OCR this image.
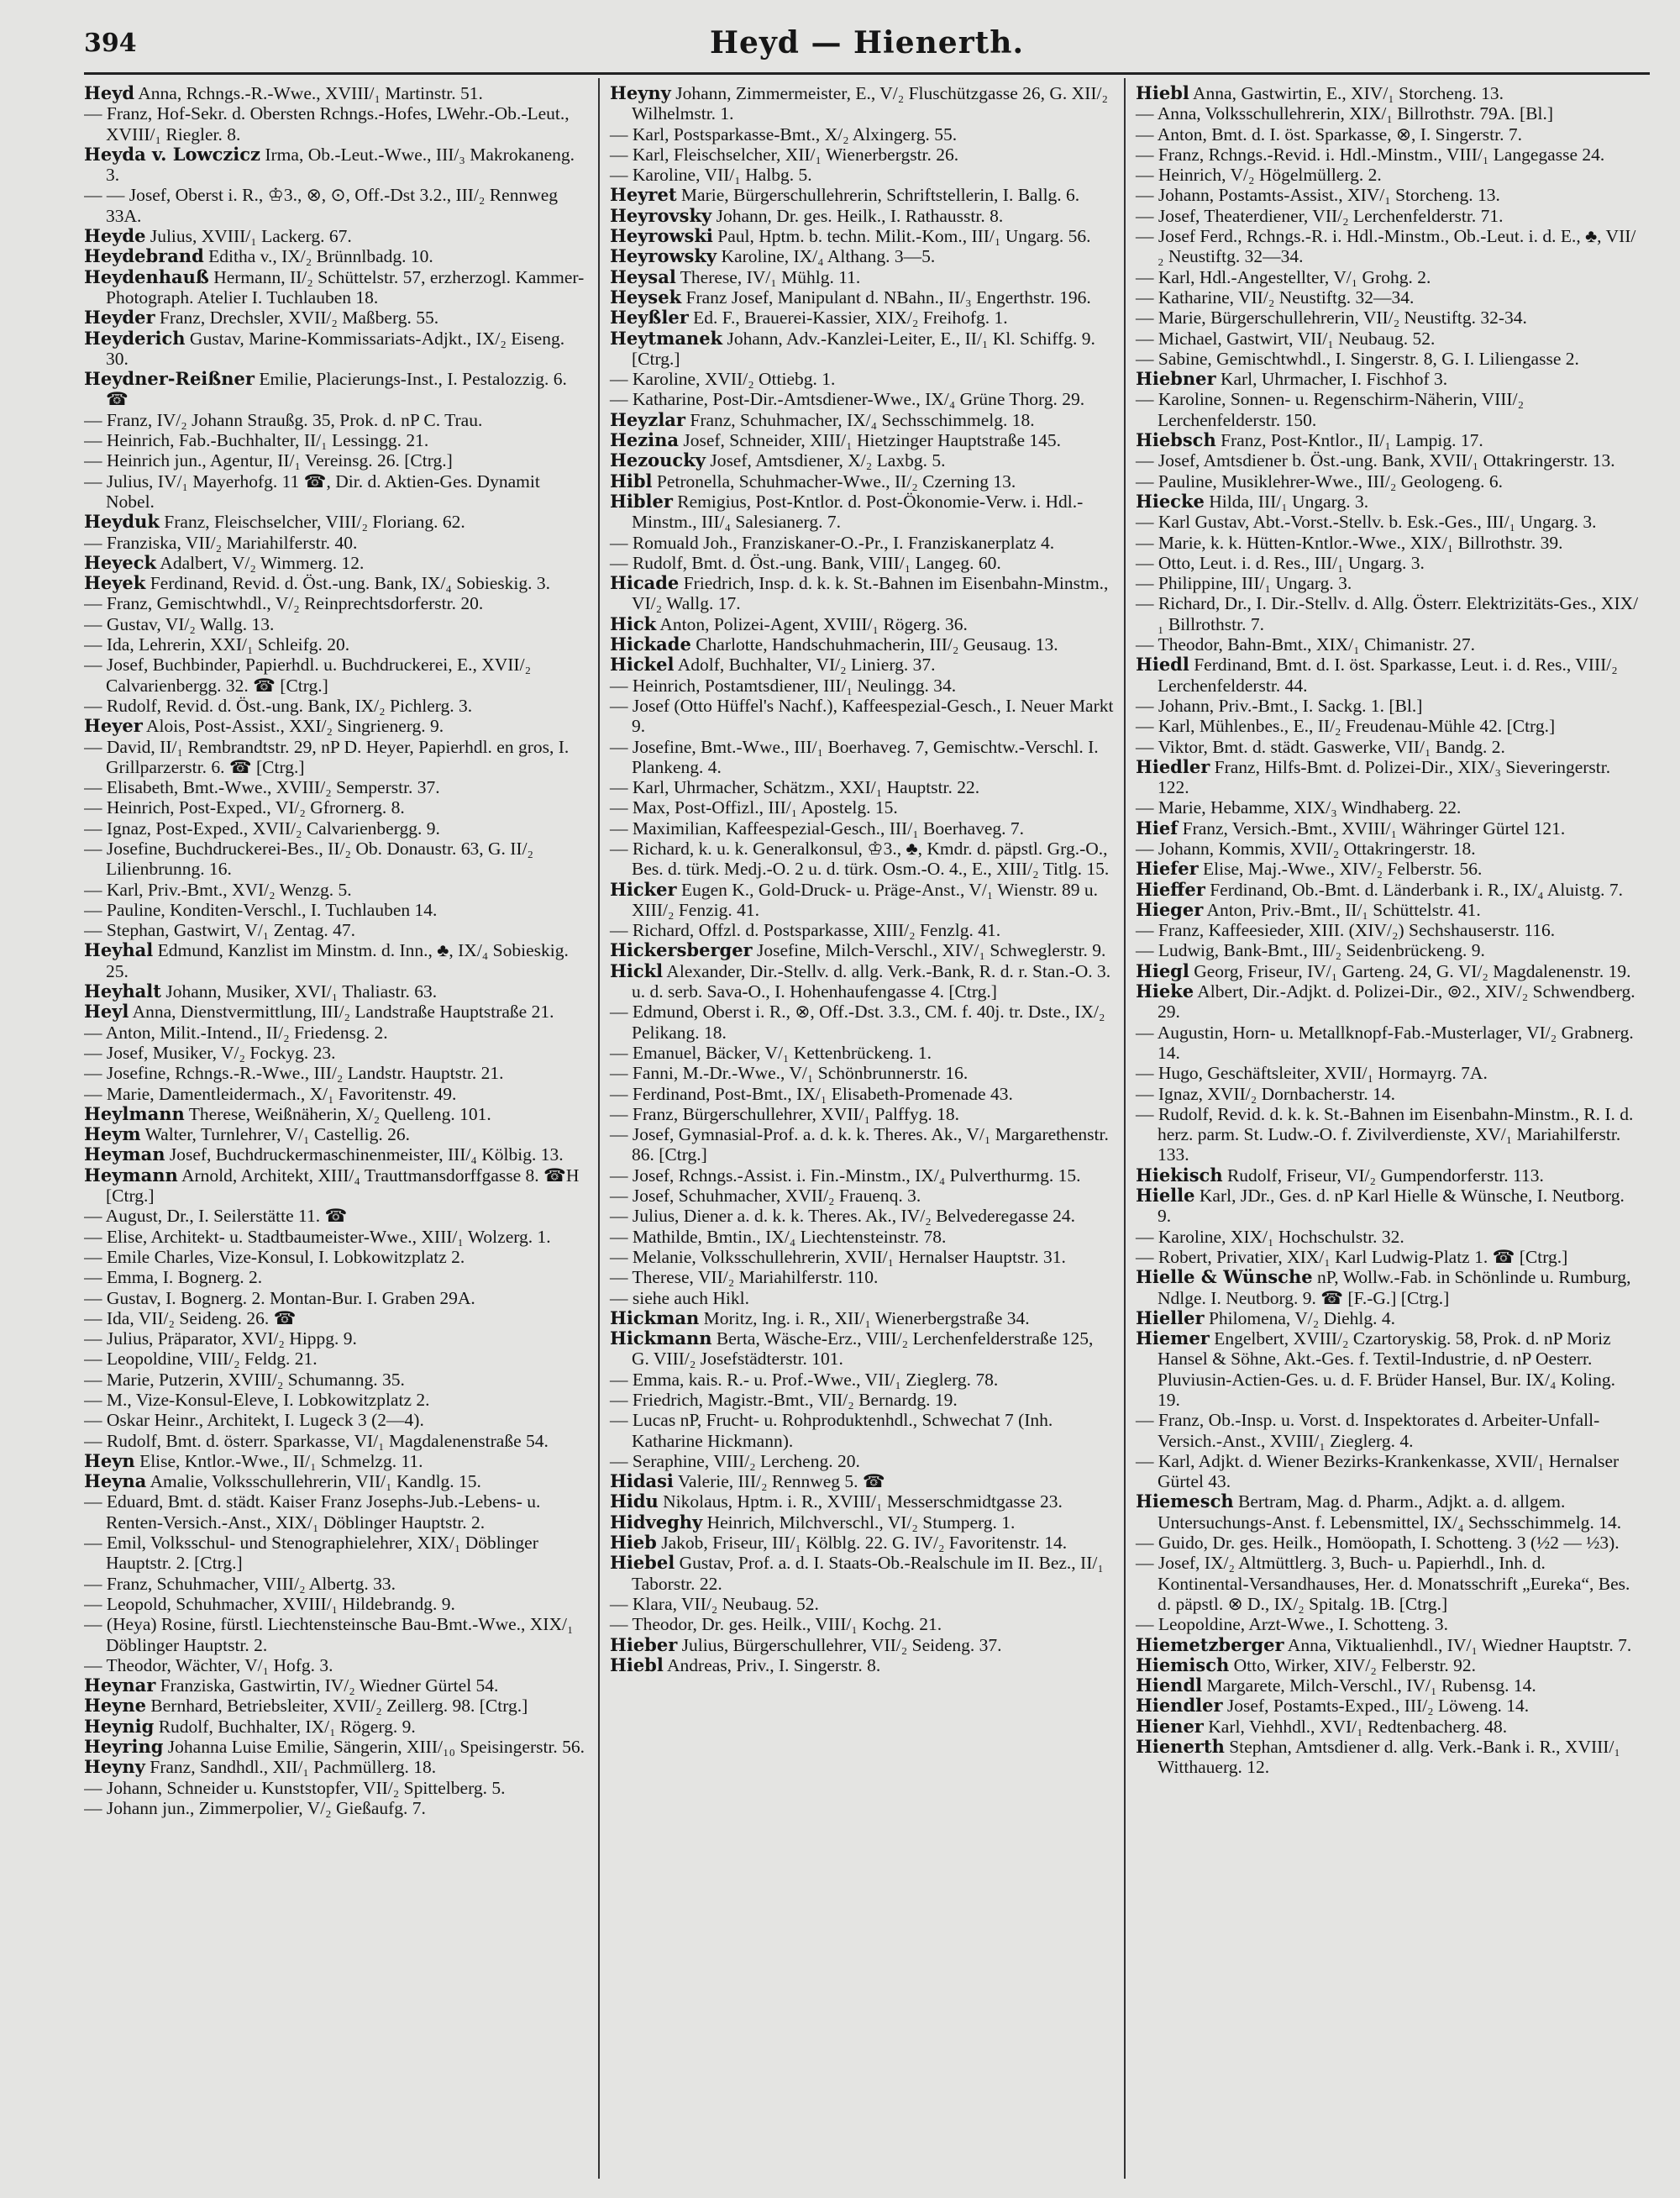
394	Heyd — Hienerth.

Heyd Anna, Rchngs.-R.-Wwe., XVIII/₁ Martinstr. 51.

— Franz, Hof-Sekr. d. Obersten Rchngs.-Hofes, LWehr.-Ob.-Leut., XVIII/₁ Riegler. 8.

Heyda v. Lowczicz Irma, Ob.-Leut.-Wwe., III/₃ Makrokaneng. 3.

— — Josef, Oberst i. R., ♔3., ⊗, ⊙, Off.-Dst 3.2., III/₂ Rennweg 33A.

Heyde Julius, XVIII/₁ Lackerg. 67.

Heydebrand Editha v., IX/₂ Brünnlbadg. 10.

Heydenhauß Hermann, II/₂ Schüttelstr. 57, erzherzogl. Kammer-Photograph. Atelier I. Tuchlauben 18.

Heyder Franz, Drechsler, XVII/₂ Maßberg. 55.

Heyderich Gustav, Marine-Kommissariats-Adjkt., IX/₂ Eiseng. 30.

Heydner-Reißner Emilie, Placierungs-Inst., I. Pestalozzig. 6. ☎

— Franz, IV/₂ Johann Straußg. 35, Prok. d. nP C. Trau.

— Heinrich, Fab.-Buchhalter, II/₁ Lessingg. 21.

— Heinrich jun., Agentur, II/₁ Vereinsg. 26. [Ctrg.]

— Julius, IV/₁ Mayerhofg. 11 ☎, Dir. d. Aktien-Ges. Dynamit Nobel.

Heyduk Franz, Fleischselcher, VIII/₂ Floriang. 62.

— Franziska, VII/₂ Mariahilferstr. 40.

Heyeck Adalbert, V/₂ Wimmerg. 12.

Heyek Ferdinand, Revid. d. Öst.-ung. Bank, IX/₄ Sobieskig. 3.

— Franz, Gemischtwhdl., V/₂ Reinprechtsdorferstr. 20.

— Gustav, VI/₂ Wallg. 13.

— Ida, Lehrerin, XXI/₁ Schleifg. 20.

— Josef, Buchbinder, Papierhdl. u. Buchdruckerei, E., XVII/₂ Calvarienbergg. 32. ☎ [Ctrg.]

— Rudolf, Revid. d. Öst.-ung. Bank, IX/₂ Pichlerg. 3.

Heyer Alois, Post-Assist., XXI/₂ Singrienerg. 9.

— David, II/₁ Rembrandtstr. 29, nP D. Heyer, Papierhdl. en gros, I. Grillparzerstr. 6. ☎ [Ctrg.]

— Elisabeth, Bmt.-Wwe., XVIII/₂ Semperstr. 37.

— Heinrich, Post-Exped., VI/₂ Gfrornerg. 8.

— Ignaz, Post-Exped., XVII/₂ Calvarienbergg. 9.

— Josefine, Buchdruckerei-Bes., II/₂ Ob. Donaustr. 63, G. II/₂ Lilienbrunng. 16.

— Karl, Priv.-Bmt., XVI/₂ Wenzg. 5.

— Pauline, Konditen-Verschl., I. Tuchlauben 14.

— Stephan, Gastwirt, V/₁ Zentag. 47.

Heyhal Edmund, Kanzlist im Minstm. d. Inn., ♣, IX/₄ Sobieskig. 25.

Heyhalt Johann, Musiker, XVI/₁ Thaliastr. 63.

Heyl Anna, Dienstvermittlung, III/₂ Landstraße Hauptstraße 21.

— Anton, Milit.-Intend., II/₂ Friedensg. 2.

— Josef, Musiker, V/₂ Fockyg. 23.

— Josefine, Rchngs.-R.-Wwe., III/₂ Landstr. Hauptstr. 21.

— Marie, Damentleidermach., X/₁ Favoritenstr. 49.

Heylmann Therese, Weißnäherin, X/₂ Quelleng. 101.

Heym Walter, Turnlehrer, V/₁ Castellig. 26.

Heyman Josef, Buchdruckermaschinenmeister, III/₄ Kölbig. 13.

Heymann Arnold, Architekt, XIII/₄ Trauttmansdorffgasse 8. ☎H [Ctrg.]

— August, Dr., I. Seilerstätte 11. ☎

— Elise, Architekt- u. Stadtbaumeister-Wwe., XIII/₁ Wolzerg. 1.

— Emile Charles, Vize-Konsul, I. Lobkowitzplatz 2.

— Emma, I. Bognerg. 2.

— Gustav, I. Bognerg. 2. Montan-Bur. I. Graben 29A.

— Ida, VII/₂ Seideng. 26. ☎

— Julius, Präparator, XVI/₂ Hippg. 9.

— Leopoldine, VIII/₂ Feldg. 21.

— Marie, Putzerin, XVIII/₂ Schumanng. 35.

— M., Vize-Konsul-Eleve, I. Lobkowitzplatz 2.

— Oskar Heinr., Architekt, I. Lugeck 3 (2—4).

— Rudolf, Bmt. d. österr. Sparkasse, VI/₁ Magdalenenstraße 54.

Heyn Elise, Kntlor.-Wwe., II/₁ Schmelzg. 11.

Heyna Amalie, Volksschullehrerin, VII/₁ Kandlg. 15.

— Eduard, Bmt. d. städt. Kaiser Franz Josephs-Jub.-Lebens- u. Renten-Versich.-Anst., XIX/₁ Döblinger Hauptstr. 2.

— Emil, Volksschul- und Stenographielehrer, XIX/₁ Döblinger Hauptstr. 2. [Ctrg.]

— Franz, Schuhmacher, VIII/₂ Albertg. 33.

— Leopold, Schuhmacher, XVIII/₁ Hildebrandg. 9.

— (Heya) Rosine, fürstl. Liechtensteinsche Bau-Bmt.-Wwe., XIX/₁ Döblinger Hauptstr. 2.

— Theodor, Wächter, V/₁ Hofg. 3.

Heynar Franziska, Gastwirtin, IV/₂ Wiedner Gürtel 54.

Heyne Bernhard, Betriebsleiter, XVII/₂ Zeillerg. 98. [Ctrg.]

Heynig Rudolf, Buchhalter, IX/₁ Rögerg. 9.

Heyring Johanna Luise Emilie, Sängerin, XIII/₁₀ Speisingerstr. 56.

Heyny Franz, Sandhdl., XII/₁ Pachmüllerg. 18.

— Johann, Schneider u. Kunststopfer, VII/₂ Spittelberg. 5.

— Johann jun., Zimmerpolier, V/₂ Gießaufg. 7.

Heyny Johann, Zimmermeister, E., V/₂ Fluschützgasse 26, G. XII/₂ Wilhelmstr. 1.

— Karl, Postsparkasse-Bmt., X/₂ Alxingerg. 55.

— Karl, Fleischselcher, XII/₁ Wienerbergstr. 26.

— Karoline, VII/₁ Halbg. 5.

Heyret Marie, Bürgerschullehrerin, Schriftstellerin, I. Ballg. 6.

Heyrovsky Johann, Dr. ges. Heilk., I. Rathausstr. 8.

Heyrowski Paul, Hptm. b. techn. Milit.-Kom., III/₁ Ungarg. 56.

Heyrowsky Karoline, IX/₄ Althang. 3—5.

Heysal Therese, IV/₁ Mühlg. 11.

Heysek Franz Josef, Manipulant d. NBahn., II/₃ Engerthstr. 196.

Heyßler Ed. F., Brauerei-Kassier, XIX/₂ Freihofg. 1.

Heytmanek Johann, Adv.-Kanzlei-Leiter, E., II/₁ Kl. Schiffg. 9. [Ctrg.]

— Karoline, XVII/₂ Ottiebg. 1.

— Katharine, Post-Dir.-Amtsdiener-Wwe., IX/₄ Grüne Thorg. 29.

Heyzlar Franz, Schuhmacher, IX/₄ Sechsschimmelg. 18.

Hezina Josef, Schneider, XIII/₁ Hietzinger Hauptstraße 145.

Hezoucky Josef, Amtsdiener, X/₂ Laxbg. 5.

Hibl Petronella, Schuhmacher-Wwe., II/₂ Czerning 13.

Hibler Remigius, Post-Kntlor. d. Post-Ökonomie-Verw. i. Hdl.-Minstm., III/₄ Salesianerg. 7.

— Romuald Joh., Franziskaner-O.-Pr., I. Franziskanerplatz 4.

— Rudolf, Bmt. d. Öst.-ung. Bank, VIII/₁ Langeg. 60.

Hicade Friedrich, Insp. d. k. k. St.-Bahnen im Eisenbahn-Minstm., VI/₂ Wallg. 17.

Hick Anton, Polizei-Agent, XVIII/₁ Rögerg. 36.

Hickade Charlotte, Handschuhmacherin, III/₂ Geusaug. 13.

Hickel Adolf, Buchhalter, VI/₂ Linierg. 37.

— Heinrich, Postamtsdiener, III/₁ Neulingg. 34.

— Josef (Otto Hüffel's Nachf.), Kaffeespezial-Gesch., I. Neuer Markt 9.

— Josefine, Bmt.-Wwe., III/₁ Boerhaveg. 7, Gemischtw.-Verschl. I. Plankeng. 4.

— Karl, Uhrmacher, Schätzm., XXI/₁ Hauptstr. 22.

— Max, Post-Offizl., III/₁ Apostelg. 15.

— Maximilian, Kaffeespezial-Gesch., III/₁ Boerhaveg. 7.

— Richard, k. u. k. Generalkonsul, ♔3., ♣, Kmdr. d. päpstl. Grg.-O., Bes. d. türk. Medj.-O. 2 u. d. türk. Osm.-O. 4., E., XIII/₂ Titlg. 15.

Hicker Eugen K., Gold-Druck- u. Präge-Anst., V/₁ Wienstr. 89 u. XIII/₂ Fenzig. 41.

— Richard, Offzl. d. Postsparkasse, XIII/₂ Fenzlg. 41.

Hickersberger Josefine, Milch-Verschl., XIV/₁ Schweglerstr. 9.

Hickl Alexander, Dir.-Stellv. d. allg. Verk.-Bank, R. d. r. Stan.-O. 3. u. d. serb. Sava-O., I. Hohenhaufengasse 4. [Ctrg.]

— Edmund, Oberst i. R., ⊗, Off.-Dst. 3.3., CM. f. 40j. tr. Dste., IX/₂ Pelikang. 18.

— Emanuel, Bäcker, V/₁ Kettenbrückeng. 1.

— Fanni, M.-Dr.-Wwe., V/₁ Schönbrunnerstr. 16.

— Ferdinand, Post-Bmt., IX/₁ Elisabeth-Promenade 43.

— Franz, Bürgerschullehrer, XVII/₁ Palffyg. 18.

— Josef, Gymnasial-Prof. a. d. k. k. Theres. Ak., V/₁ Margarethenstr. 86. [Ctrg.]

— Josef, Rchngs.-Assist. i. Fin.-Minstm., IX/₄ Pulverthurmg. 15.

— Josef, Schuhmacher, XVII/₂ Frauenq. 3.

— Julius, Diener a. d. k. k. Theres. Ak., IV/₂ Belvederegasse 24.

— Mathilde, Bmtin., IX/₄ Liechtensteinstr. 78.

— Melanie, Volksschullehrerin, XVII/₁ Hernalser Hauptstr. 31.

— Therese, VII/₂ Mariahilferstr. 110.

— siehe auch Hikl.

Hickman Moritz, Ing. i. R., XII/₁ Wienerbergstraße 34.

Hickmann Berta, Wäsche-Erz., VIII/₂ Lerchenfelderstraße 125, G. VIII/₂ Josefstädterstr. 101.

— Emma, kais. R.- u. Prof.-Wwe., VII/₁ Zieglerg. 78.

— Friedrich, Magistr.-Bmt., VII/₂ Bernardg. 19.

— Lucas nP, Frucht- u. Rohproduktenhdl., Schwechat 7 (Inh. Katharine Hickmann).

— Seraphine, VIII/₂ Lercheng. 20.

Hidasi Valerie, III/₂ Rennweg 5. ☎

Hidu Nikolaus, Hptm. i. R., XVIII/₁ Messerschmidtgasse 23.

Hidveghy Heinrich, Milchverschl., VI/₂ Stumperg. 1.

Hieb Jakob, Friseur, III/₁ Kölblg. 22. G. IV/₂ Favoritenstr. 14.

Hiebel Gustav, Prof. a. d. I. Staats-Ob.-Realschule im II. Bez., II/₁ Taborstr. 22.

— Klara, VII/₂ Neubaug. 52.

— Theodor, Dr. ges. Heilk., VIII/₁ Kochg. 21.

Hieber Julius, Bürgerschullehrer, VII/₂ Seideng. 37.

Hiebl Andreas, Priv., I. Singerstr. 8.

Hiebl Anna, Gastwirtin, E., XIV/₁ Storcheng. 13.

— Anna, Volksschullehrerin, XIX/₁ Billrothstr. 79A. [Bl.]

— Anton, Bmt. d. I. öst. Sparkasse, ⊗, I. Singerstr. 7.

— Franz, Rchngs.-Revid. i. Hdl.-Minstm., VIII/₁ Langegasse 24.

— Heinrich, V/₂ Högelmüllerg. 2.

— Johann, Postamts-Assist., XIV/₁ Storcheng. 13.

— Josef, Theaterdiener, VII/₂ Lerchenfelderstr. 71.

— Josef Ferd., Rchngs.-R. i. Hdl.-Minstm., Ob.-Leut. i. d. E., ♣, VII/₂ Neustiftg. 32—34.

— Karl, Hdl.-Angestellter, V/₁ Grohg. 2.

— Katharine, VII/₂ Neustiftg. 32—34.

— Marie, Bürgerschullehrerin, VII/₂ Neustiftg. 32-34.

— Michael, Gastwirt, VII/₁ Neubaug. 52.

— Sabine, Gemischtwhdl., I. Singerstr. 8, G. I. Liliengasse 2.

Hiebner Karl, Uhrmacher, I. Fischhof 3.

— Karoline, Sonnen- u. Regenschirm-Näherin, VIII/₂ Lerchenfelderstr. 150.

Hiebsch Franz, Post-Kntlor., II/₁ Lampig. 17.

— Josef, Amtsdiener b. Öst.-ung. Bank, XVII/₁ Ottakringerstr. 13.

— Pauline, Musiklehrer-Wwe., III/₂ Geologeng. 6.

Hiecke Hilda, III/₁ Ungarg. 3.

— Karl Gustav, Abt.-Vorst.-Stellv. b. Esk.-Ges., III/₁ Ungarg. 3.

— Marie, k. k. Hütten-Kntlor.-Wwe., XIX/₁ Billrothstr. 39.

— Otto, Leut. i. d. Res., III/₁ Ungarg. 3.

— Philippine, III/₁ Ungarg. 3.

— Richard, Dr., I. Dir.-Stellv. d. Allg. Österr. Elektrizitäts-Ges., XIX/₁ Billrothstr. 7.

— Theodor, Bahn-Bmt., XIX/₁ Chimanistr. 27.

Hiedl Ferdinand, Bmt. d. I. öst. Sparkasse, Leut. i. d. Res., VIII/₂ Lerchenfelderstr. 44.

— Johann, Priv.-Bmt., I. Sackg. 1. [Bl.]

— Karl, Mühlenbes., E., II/₂ Freudenau-Mühle 42. [Ctrg.]

— Viktor, Bmt. d. städt. Gaswerke, VII/₁ Bandg. 2.

Hiedler Franz, Hilfs-Bmt. d. Polizei-Dir., XIX/₃ Sieveringerstr. 122.

— Marie, Hebamme, XIX/₃ Windhaberg. 22.

Hief Franz, Versich.-Bmt., XVIII/₁ Währinger Gürtel 121.

— Johann, Kommis, XVII/₂ Ottakringerstr. 18.

Hiefer Elise, Maj.-Wwe., XIV/₂ Felberstr. 56.

Hieffer Ferdinand, Ob.-Bmt. d. Länderbank i. R., IX/₄ Aluistg. 7.

Hieger Anton, Priv.-Bmt., II/₁ Schüttelstr. 41.

— Franz, Kaffeesieder, XIII. (XIV/₂) Sechshauserstr. 116.

— Ludwig, Bank-Bmt., III/₂ Seidenbrückeng. 9.

Hiegl Georg, Friseur, IV/₁ Garteng. 24, G. VI/₂ Magdalenenstr. 19.

Hieke Albert, Dir.-Adjkt. d. Polizei-Dir., ⊚2., XIV/₂ Schwendberg. 29.

— Augustin, Horn- u. Metallknopf-Fab.-Musterlager, VI/₂ Grabnerg. 14.

— Hugo, Geschäftsleiter, XVII/₁ Hormayrg. 7A.

— Ignaz, XVII/₂ Dornbacherstr. 14.

— Rudolf, Revid. d. k. k. St.-Bahnen im Eisenbahn-Minstm., R. I. d. herz. parm. St. Ludw.-O. f. Zivilverdienste, XV/₁ Mariahilferstr. 133.

Hiekisch Rudolf, Friseur, VI/₂ Gumpendorferstr. 113.

Hielle Karl, JDr., Ges. d. nP Karl Hielle & Wünsche, I. Neutborg. 9.

— Karoline, XIX/₁ Hochschulstr. 32.

— Robert, Privatier, XIX/₁ Karl Ludwig-Platz 1. ☎ [Ctrg.]

Hielle & Wünsche nP, Wollw.-Fab. in Schönlinde u. Rumburg, Ndlge. I. Neutborg. 9. ☎ [F.-G.] [Ctrg.]

Hieller Philomena, V/₂ Diehlg. 4.

Hiemer Engelbert, XVIII/₂ Czartoryskig. 58, Prok. d. nP Moriz Hansel & Söhne, Akt.-Ges. f. Textil-Industrie, d. nP Oesterr. Pluviusin-Actien-Ges. u. d. F. Brüder Hansel, Bur. IX/₄ Koling. 19.

— Franz, Ob.-Insp. u. Vorst. d. Inspektorates d. Arbeiter-Unfall-Versich.-Anst., XVIII/₁ Zieglerg. 4.

— Karl, Adjkt. d. Wiener Bezirks-Krankenkasse, XVII/₁ Hernalser Gürtel 43.

Hiemesch Bertram, Mag. d. Pharm., Adjkt. a. d. allgem. Untersuchungs-Anst. f. Lebensmittel, IX/₄ Sechsschimmelg. 14.

— Guido, Dr. ges. Heilk., Homöopath, I. Schotteng. 3 (½2 — ½3).

— Josef, IX/₂ Altmüttlerg. 3, Buch- u. Papierhdl., Inh. d. Kontinental-Versandhauses, Her. d. Monatsschrift „Eureka“, Bes. d. päpstl. ⊗ D., IX/₂ Spitalg. 1B. [Ctrg.]

— Leopoldine, Arzt-Wwe., I. Schotteng. 3.

Hiemetzberger Anna, Viktualienhdl., IV/₁ Wiedner Hauptstr. 7.

Hiemisch Otto, Wirker, XIV/₂ Felberstr. 92.

Hiendl Margarete, Milch-Verschl., IV/₁ Rubensg. 14.

Hiendler Josef, Postamts-Exped., III/₂ Löweng. 14.

Hiener Karl, Viehhdl., XVI/₁ Redtenbacherg. 48.

Hienerth Stephan, Amtsdiener d. allg. Verk.-Bank i. R., XVIII/₁ Witthauerg. 12.
